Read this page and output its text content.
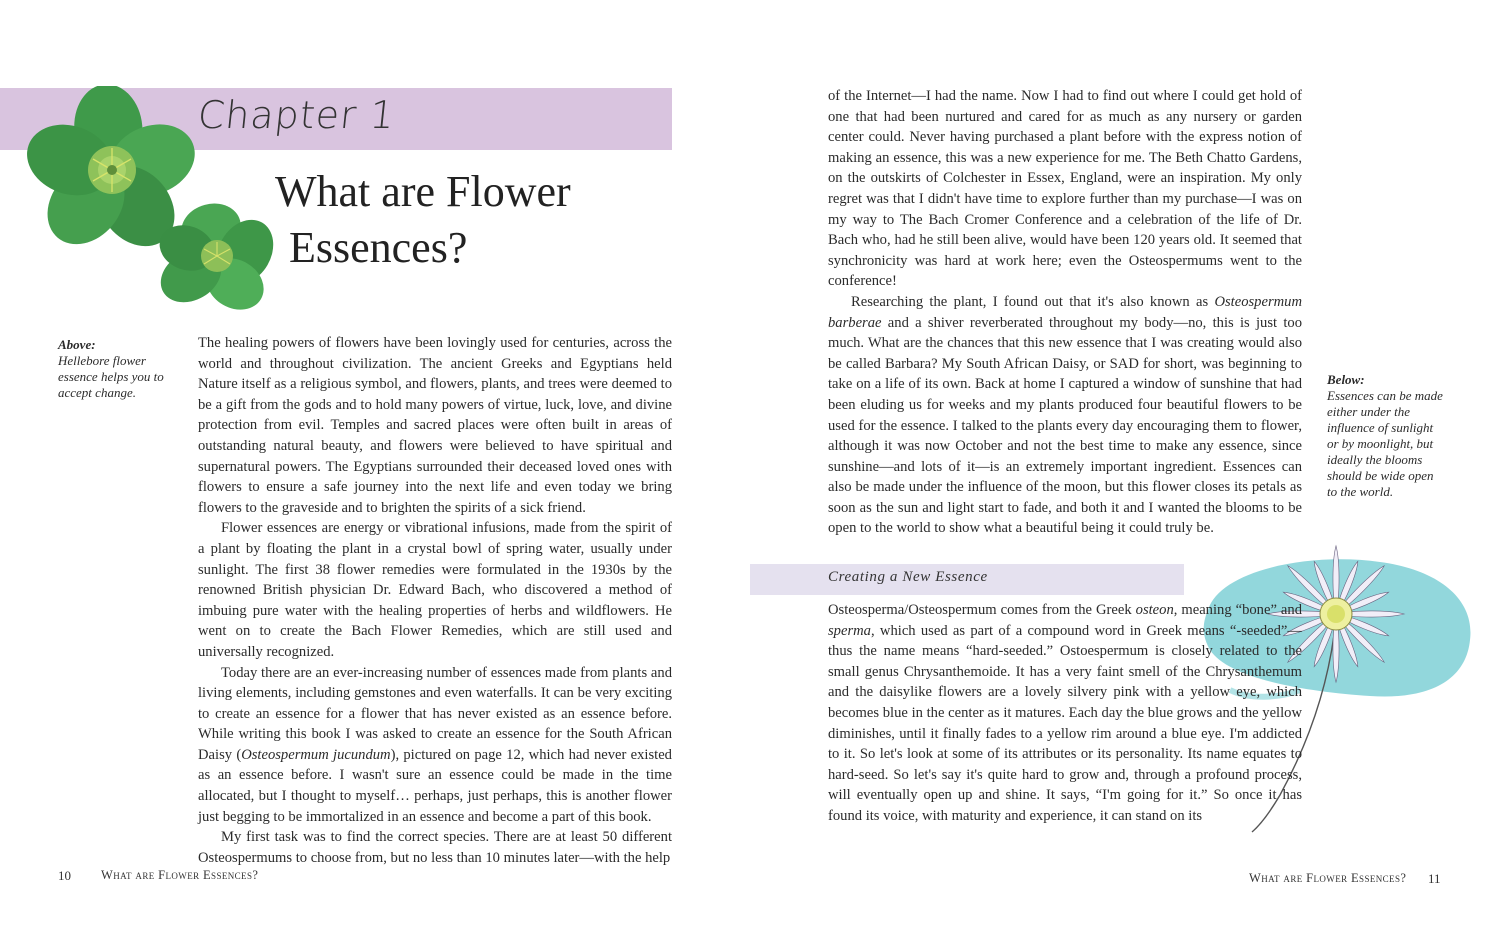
Chapter 1
What are Flower
Essences?
Above:
Hellebore flower essence helps you to accept change.

The healing powers of flowers have been lovingly used for centuries, across the world and throughout civilization. The ancient Greeks and Egyptians held Nature itself as a religious symbol, and flowers, plants, and trees were deemed to be a gift from the gods and to hold many powers of virtue, luck, love, and divine protection from evil. Temples and sacred places were often built in areas of outstanding natural beauty, and flowers were believed to have spiritual and supernatural powers. The Egyptians surrounded their deceased loved ones with flowers to ensure a safe journey into the next life and even today we bring flowers to the graveside and to brighten the spirits of a sick friend.

Flower essences are energy or vibrational infusions, made from the spirit of a plant by floating the plant in a crystal bowl of spring water, usually under sunlight. The first 38 flower remedies were formulated in the 1930s by the renowned British physician Dr. Edward Bach, who discovered a method of imbuing pure water with the healing properties of herbs and wildflowers. He went on to create the Bach Flower Remedies, which are still used and universally recognized.

Today there are an ever-increasing number of essences made from plants and living elements, including gemstones and even waterfalls. It can be very exciting to create an essence for a flower that has never existed as an essence before. While writing this book I was asked to create an essence for the South African Daisy (Osteospermum jucundum), pictured on page 12, which had never existed as an essence before. I wasn't sure an essence could be made in the time allocated, but I thought to myself… perhaps, just perhaps, this is another flower just begging to be immortalized in an essence and become a part of this book.

My first task was to find the correct species. There are at least 50 different Osteospermums to choose from, but no less than 10 minutes later—with the help

10 What are Flower Essences?

of the Internet—I had the name. Now I had to find out where I could get hold of one that had been nurtured and cared for as much as any nursery or garden center could. Never having purchased a plant before with the express notion of making an essence, this was a new experience for me. The Beth Chatto Gardens, on the outskirts of Colchester in Essex, England, were an inspiration. My only regret was that I didn't have time to explore further than my purchase—I was on my way to The Bach Cromer Conference and a celebration of the life of Dr. Bach who, had he still been alive, would have been 120 years old. It seemed that synchronicity was hard at work here; even the Osteospermums went to the conference!

Researching the plant, I found out that it's also known as Osteospermum barberae and a shiver reverberated throughout my body—no, this is just too much. What are the chances that this new essence that I was creating would also be called Barbara? My South African Daisy, or SAD for short, was beginning to take on a life of its own. Back at home I captured a window of sunshine that had been eluding us for weeks and my plants produced four beautiful flowers to be used for the essence. I talked to the plants every day encouraging them to flower, although it was now October and not the best time to make any essence, since sunshine—and lots of it—is an extremely important ingredient. Essences can also be made under the influence of the moon, but this flower closes its petals as soon as the sun and light start to fade, and both it and I wanted the blooms to be open to the world to show what a beautiful being it could truly be.

Below:
Essences can be made either under the influence of sunlight or by moonlight, but ideally the blooms should be wide open to the world.
Creating a New Essence

Osteosperma/Osteospermum comes from the Greek osteon, meaning “bone” and sperma, which used as part of a compound word in Greek means “-seeded”—thus the name means “hard-seeded.” Ostoespermum is closely related to the small genus Chrysanthemoide. It has a very faint smell of the Chrysanthemum and the daisylike flowers are a lovely silvery pink with a yellow eye, which becomes blue in the center as it matures. Each day the blue grows and the yellow diminishes, until it finally fades to a yellow rim around a blue eye. I'm addicted to it. So let's look at some of its attributes or its personality. Its name equates to hard-seed. So let's say it's quite hard to grow and, through a profound process, will eventually open up and shine. It says, “I'm going for it.” So once it has found its voice, with maturity and experience, it can stand on its

What are Flower Essences? 11
